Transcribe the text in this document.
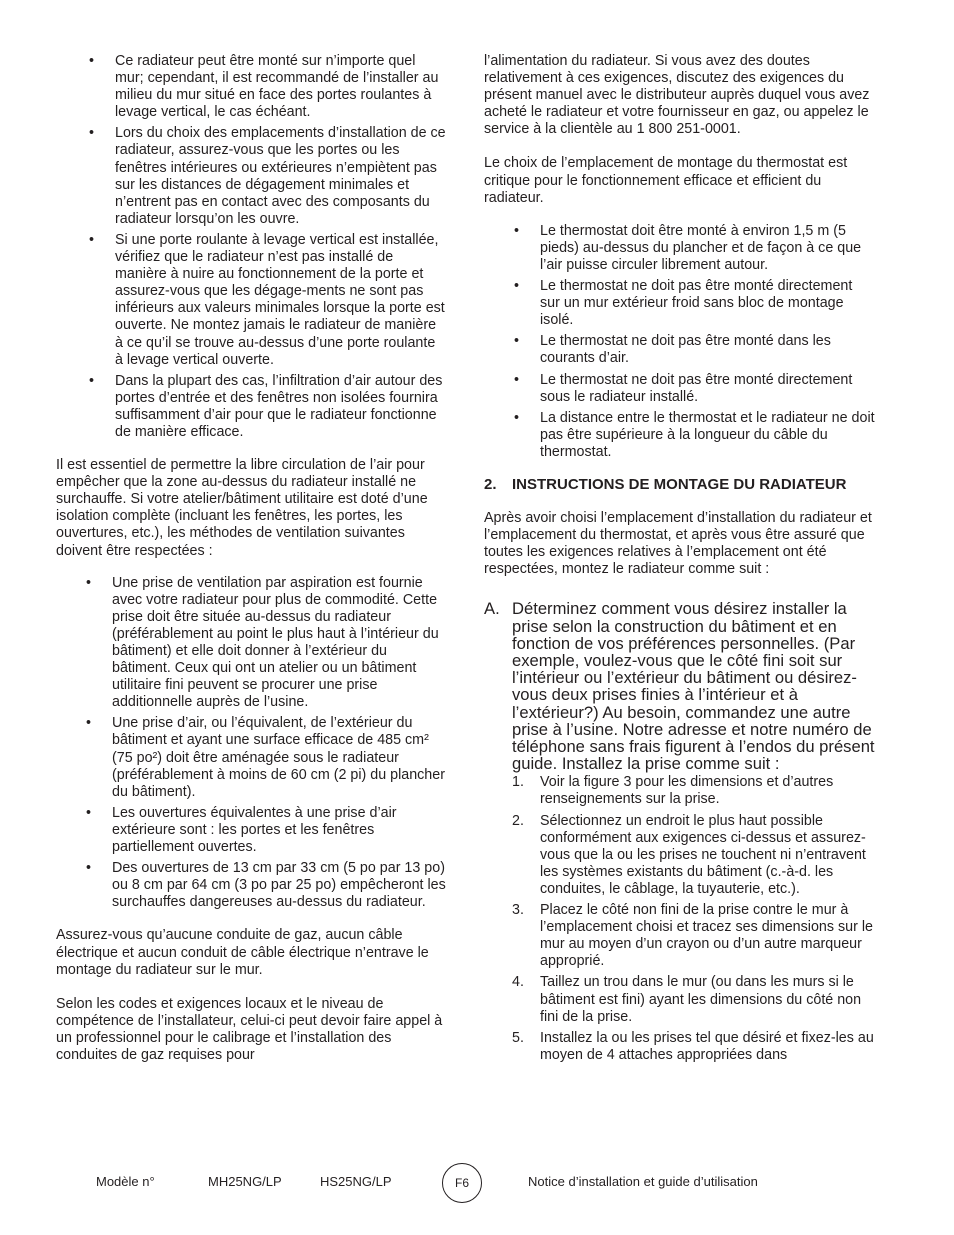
• Ce radiateur peut être monté sur n’importe quel mur; cependant, il est recommandé de l’installer au milieu du mur situé en face des portes roulantes à levage vertical, le cas échéant.
• Lors du choix des emplacements d’installation de ce radiateur, assurez-vous que les portes ou les fenêtres intérieures ou extérieures n’empiètent pas sur les distances de dégagement minimales et n’entrent pas en contact avec des composants du radiateur lorsqu’on les ouvre.
• Si une porte roulante à levage vertical est installée, vérifiez que le radiateur n’est pas installé de manière à nuire au fonctionnement de la porte et assurez-vous que les dégage-ments ne sont pas inférieurs aux valeurs minimales lorsque la porte est ouverte. Ne montez jamais le radiateur de manière à ce qu’il se trouve au-dessus d’une porte roulante à levage vertical ouverte.
• Dans la plupart des cas, l’infiltration d’air autour des portes d’entrée et des fenêtres non isolées fournira suffisamment d’air pour que le radiateur fonctionne de manière efficace.

Il est essentiel de permettre la libre circulation de l’air pour empêcher que la zone au-dessus du radiateur installé ne surchauffe. Si votre atelier/bâtiment utilitaire est doté d’une isolation complète (incluant les fenêtres, les portes, les ouvertures, etc.), les méthodes de ventilation suivantes doivent être respectées :

• Une prise de ventilation par aspiration est fournie avec votre radiateur pour plus de commodité. Cette prise doit être située au-dessus du radiateur (préférablement au point le plus haut à l’intérieur du bâtiment) et elle doit donner à l’extérieur du bâtiment. Ceux qui ont un atelier ou un bâtiment utilitaire fini peuvent se procurer une prise additionnelle auprès de l’usine.
• Une prise d’air, ou l’équivalent, de l’extérieur du bâtiment et ayant une surface efficace de 485 cm² (75 po²) doit être aménagée sous le radiateur (préférablement à moins de 60 cm (2 pi) du plancher du bâtiment).
• Les ouvertures équivalentes à une prise d’air extérieure sont : les portes et les fenêtres partiellement ouvertes.
• Des ouvertures de 13 cm par 33 cm (5 po par 13 po) ou 8 cm par 64 cm (3 po par 25 po) empêcheront les surchauffes dangereuses au-dessus du radiateur.

Assurez-vous qu’aucune conduite de gaz, aucun câble électrique et aucun conduit de câble électrique n’entrave le montage du radiateur sur le mur.

Selon les codes et exigences locaux et le niveau de compétence de l’installateur, celui-ci peut devoir faire appel à un professionnel pour le calibrage et l’installation des conduites de gaz requises pour

l’alimentation du radiateur. Si vous avez des doutes relativement à ces exigences, discutez des exigences du présent manuel avec le distributeur auprès duquel vous avez acheté le radiateur et votre fournisseur en gaz, ou appelez le service à la clientèle au 1 800 251-0001.

Le choix de l’emplacement de montage du thermostat est critique pour le fonctionnement efficace et efficient du radiateur.

• Le thermostat doit être monté à environ 1,5 m (5 pieds) au-dessus du plancher et de façon à ce que l’air puisse circuler librement autour.
• Le thermostat ne doit pas être monté directement sur un mur extérieur froid sans bloc de montage isolé.
• Le thermostat ne doit pas être monté dans les courants d’air.
• Le thermostat ne doit pas être monté directement sous le radiateur installé.
• La distance entre le thermostat et le radiateur ne doit pas être supérieure à la longueur du câble du thermostat.
2. INSTRUCTIONS DE MONTAGE DU RADIATEUR

Après avoir choisi l’emplacement d’installation du radiateur et l’emplacement du thermostat, et après vous être assuré que toutes les exigences relatives à l’emplacement ont été respectées, montez le radiateur comme suit :

A. Déterminez comment vous désirez installer la prise selon la construction du bâtiment et en fonction de vos préférences personnelles. (Par exemple, voulez-vous que le côté fini soit sur l’intérieur ou l’extérieur du bâtiment ou désirez-vous deux prises finies à l’intérieur et à l’extérieur?) Au besoin, commandez une autre prise à l’usine. Notre adresse et notre numéro de téléphone sans frais figurent à l’endos du présent guide. Installez la prise comme suit :
1. Voir la figure 3 pour les dimensions et d’autres renseignements sur la prise.
2. Sélectionnez un endroit le plus haut possible conformément aux exigences ci-dessus et assurez-vous que la ou les prises ne touchent ni n’entravent les systèmes existants du bâtiment (c.-à-d. les conduites, le câblage, la tuyauterie, etc.).
3. Placez le côté non fini de la prise contre le mur à l’emplacement choisi et tracez ses dimensions sur le mur au moyen d’un crayon ou d’un autre marqueur approprié.
4. Taillez un trou dans le mur (ou dans les murs si le bâtiment est fini) ayant les dimensions du côté non fini de la prise.
5. Installez la ou les prises tel que désiré et fixez-les au moyen de 4 attaches appropriées dans
Modèle n°	MH25NG/LP	HS25NG/LP	F6	Notice d’installation et guide d’utilisation
